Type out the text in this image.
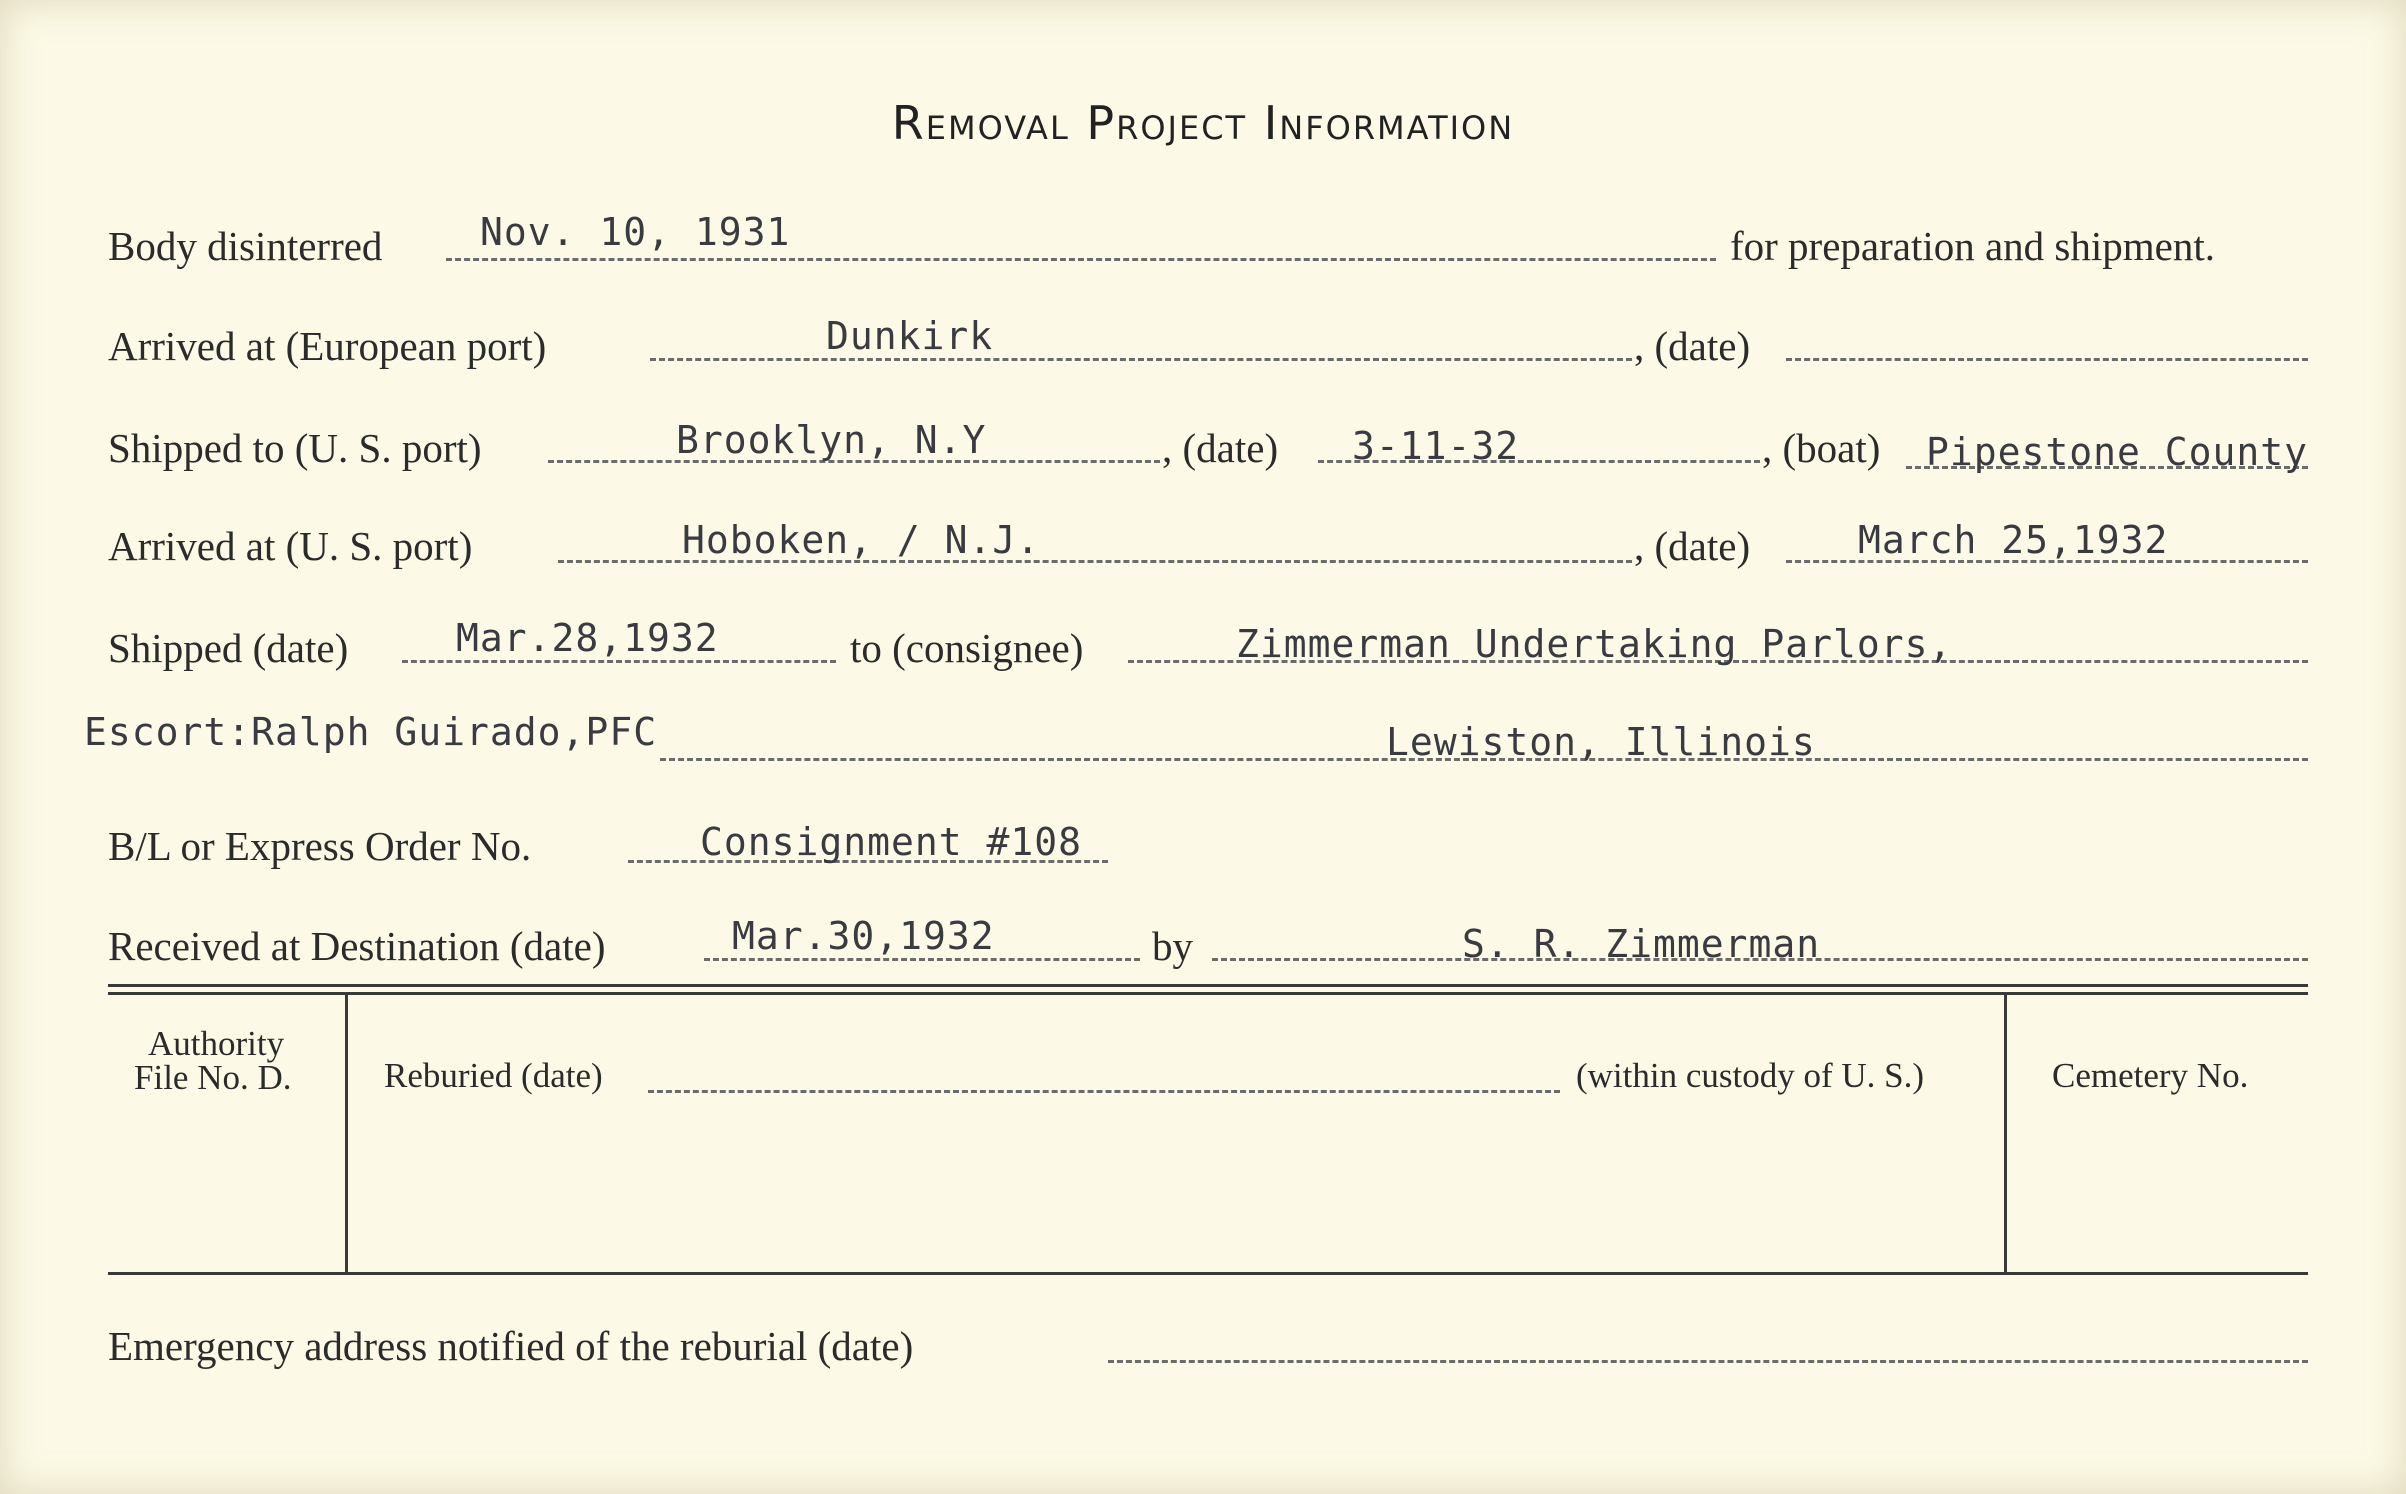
Removal Project Information
Body disinterred	Nov. 10, 1931	for preparation and shipment.
Arrived at (European port)	Dunkirk	, (date)
Shipped to (U. S. port)	Brooklyn, N.Y	, (date) 3-11-32	, (boat) Pipestone County
Arrived at (U. S. port)	Hoboken, / N.J.	, (date)	March 25,1932
Shipped (date)	Mar.28,1932	to (consignee)	Zimmerman Undertaking Parlors,
Escort:Ralph Guirado,PFC	Lewiston, Illinois
B/L or Express Order No.	Consignment #108
Received at Destination (date)	Mar.30,1932	by	S. R. Zimmerman
Authority
File No. D.	Reburied (date)	(within custody of U. S.)	Cemetery No.
Emergency address notified of the reburial (date)
